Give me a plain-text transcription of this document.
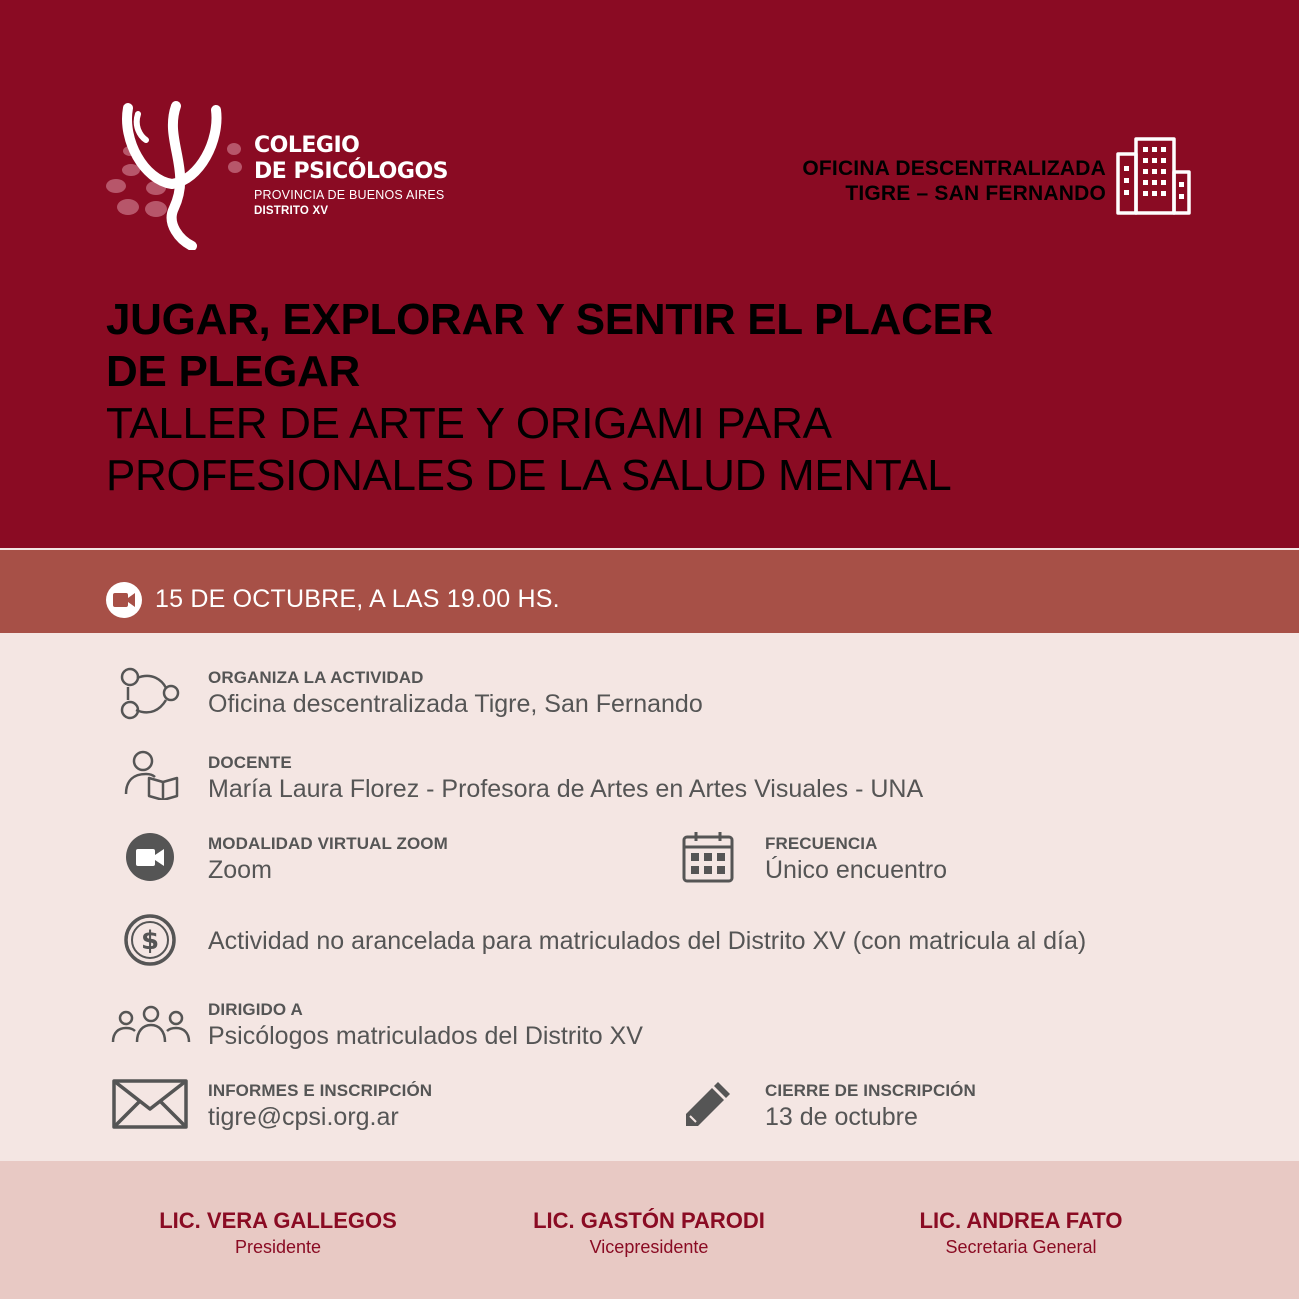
COLEGIO
DE PSICÓLOGOS
PROVINCIA DE BUENOS AIRES
DISTRITO XV
OFICINA DESCENTRALIZADA
TIGRE – SAN FERNANDO
JUGAR, EXPLORAR Y SENTIR EL PLACER
DE PLEGAR
TALLER DE ARTE Y ORIGAMI PARA
PROFESIONALES DE LA SALUD MENTAL
15 DE OCTUBRE, A LAS 19.00 HS.
ORGANIZA LA ACTIVIDAD
Oficina descentralizada Tigre, San Fernando
DOCENTE
María Laura Florez - Profesora de Artes en Artes Visuales - UNA
MODALIDAD VIRTUAL ZOOM
Zoom
FRECUENCIA
Único encuentro
$ Actividad no arancelada para matriculados del Distrito XV (con matricula al día)
DIRIGIDO A
Psicólogos matriculados del Distrito XV
INFORMES E INSCRIPCIÓN
tigre@cpsi.org.ar
CIERRE DE INSCRIPCIÓN
13 de octubre
LIC. VERA GALLEGOS
Presidente
LIC. GASTÓN PARODI
Vicepresidente
LIC. ANDREA FATO
Secretaria General
